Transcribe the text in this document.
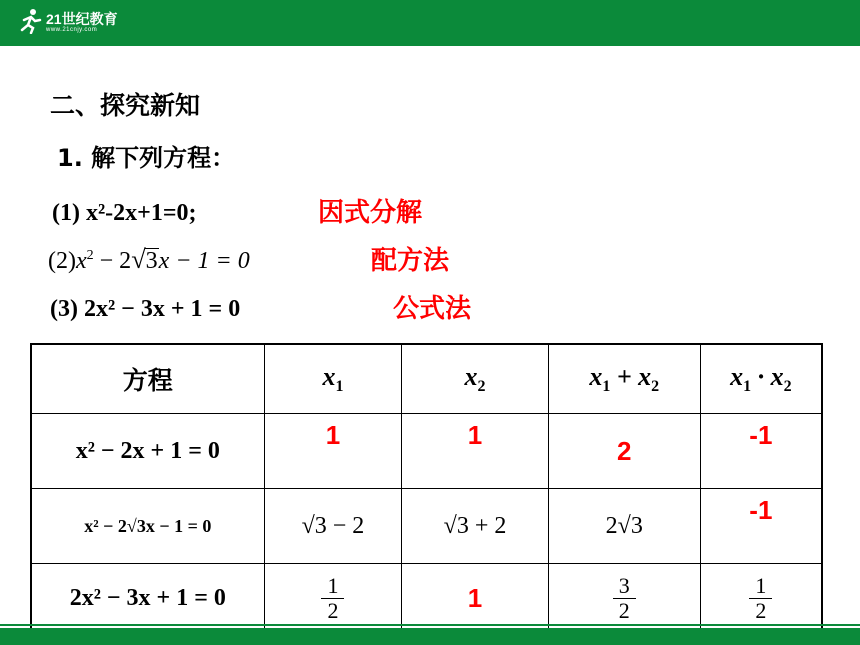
21世纪教育
www.21cnjy.com
二、探究新知
1. 解下列方程：
(1) x²-2x+1=0;
$(2)x^2 - 2√3x - 1 = 0$
(3) 2x² − 3x + 1 = 0
因式分解
配方法
公式法
方程	$x_1$	$x_2$	$x_1 + x_2$	$x_1 \cdot x_2$
x² − 2x + 1 = 0	1	1	2	-1
x² − 2√3x − 1 = 0	√3 − 2	√3 + 2	2√3	-1
2x² − 3x + 1 = 0	$\frac{1}{2}$	1	$\frac{3}{2}$	$\frac{1}{2}$
